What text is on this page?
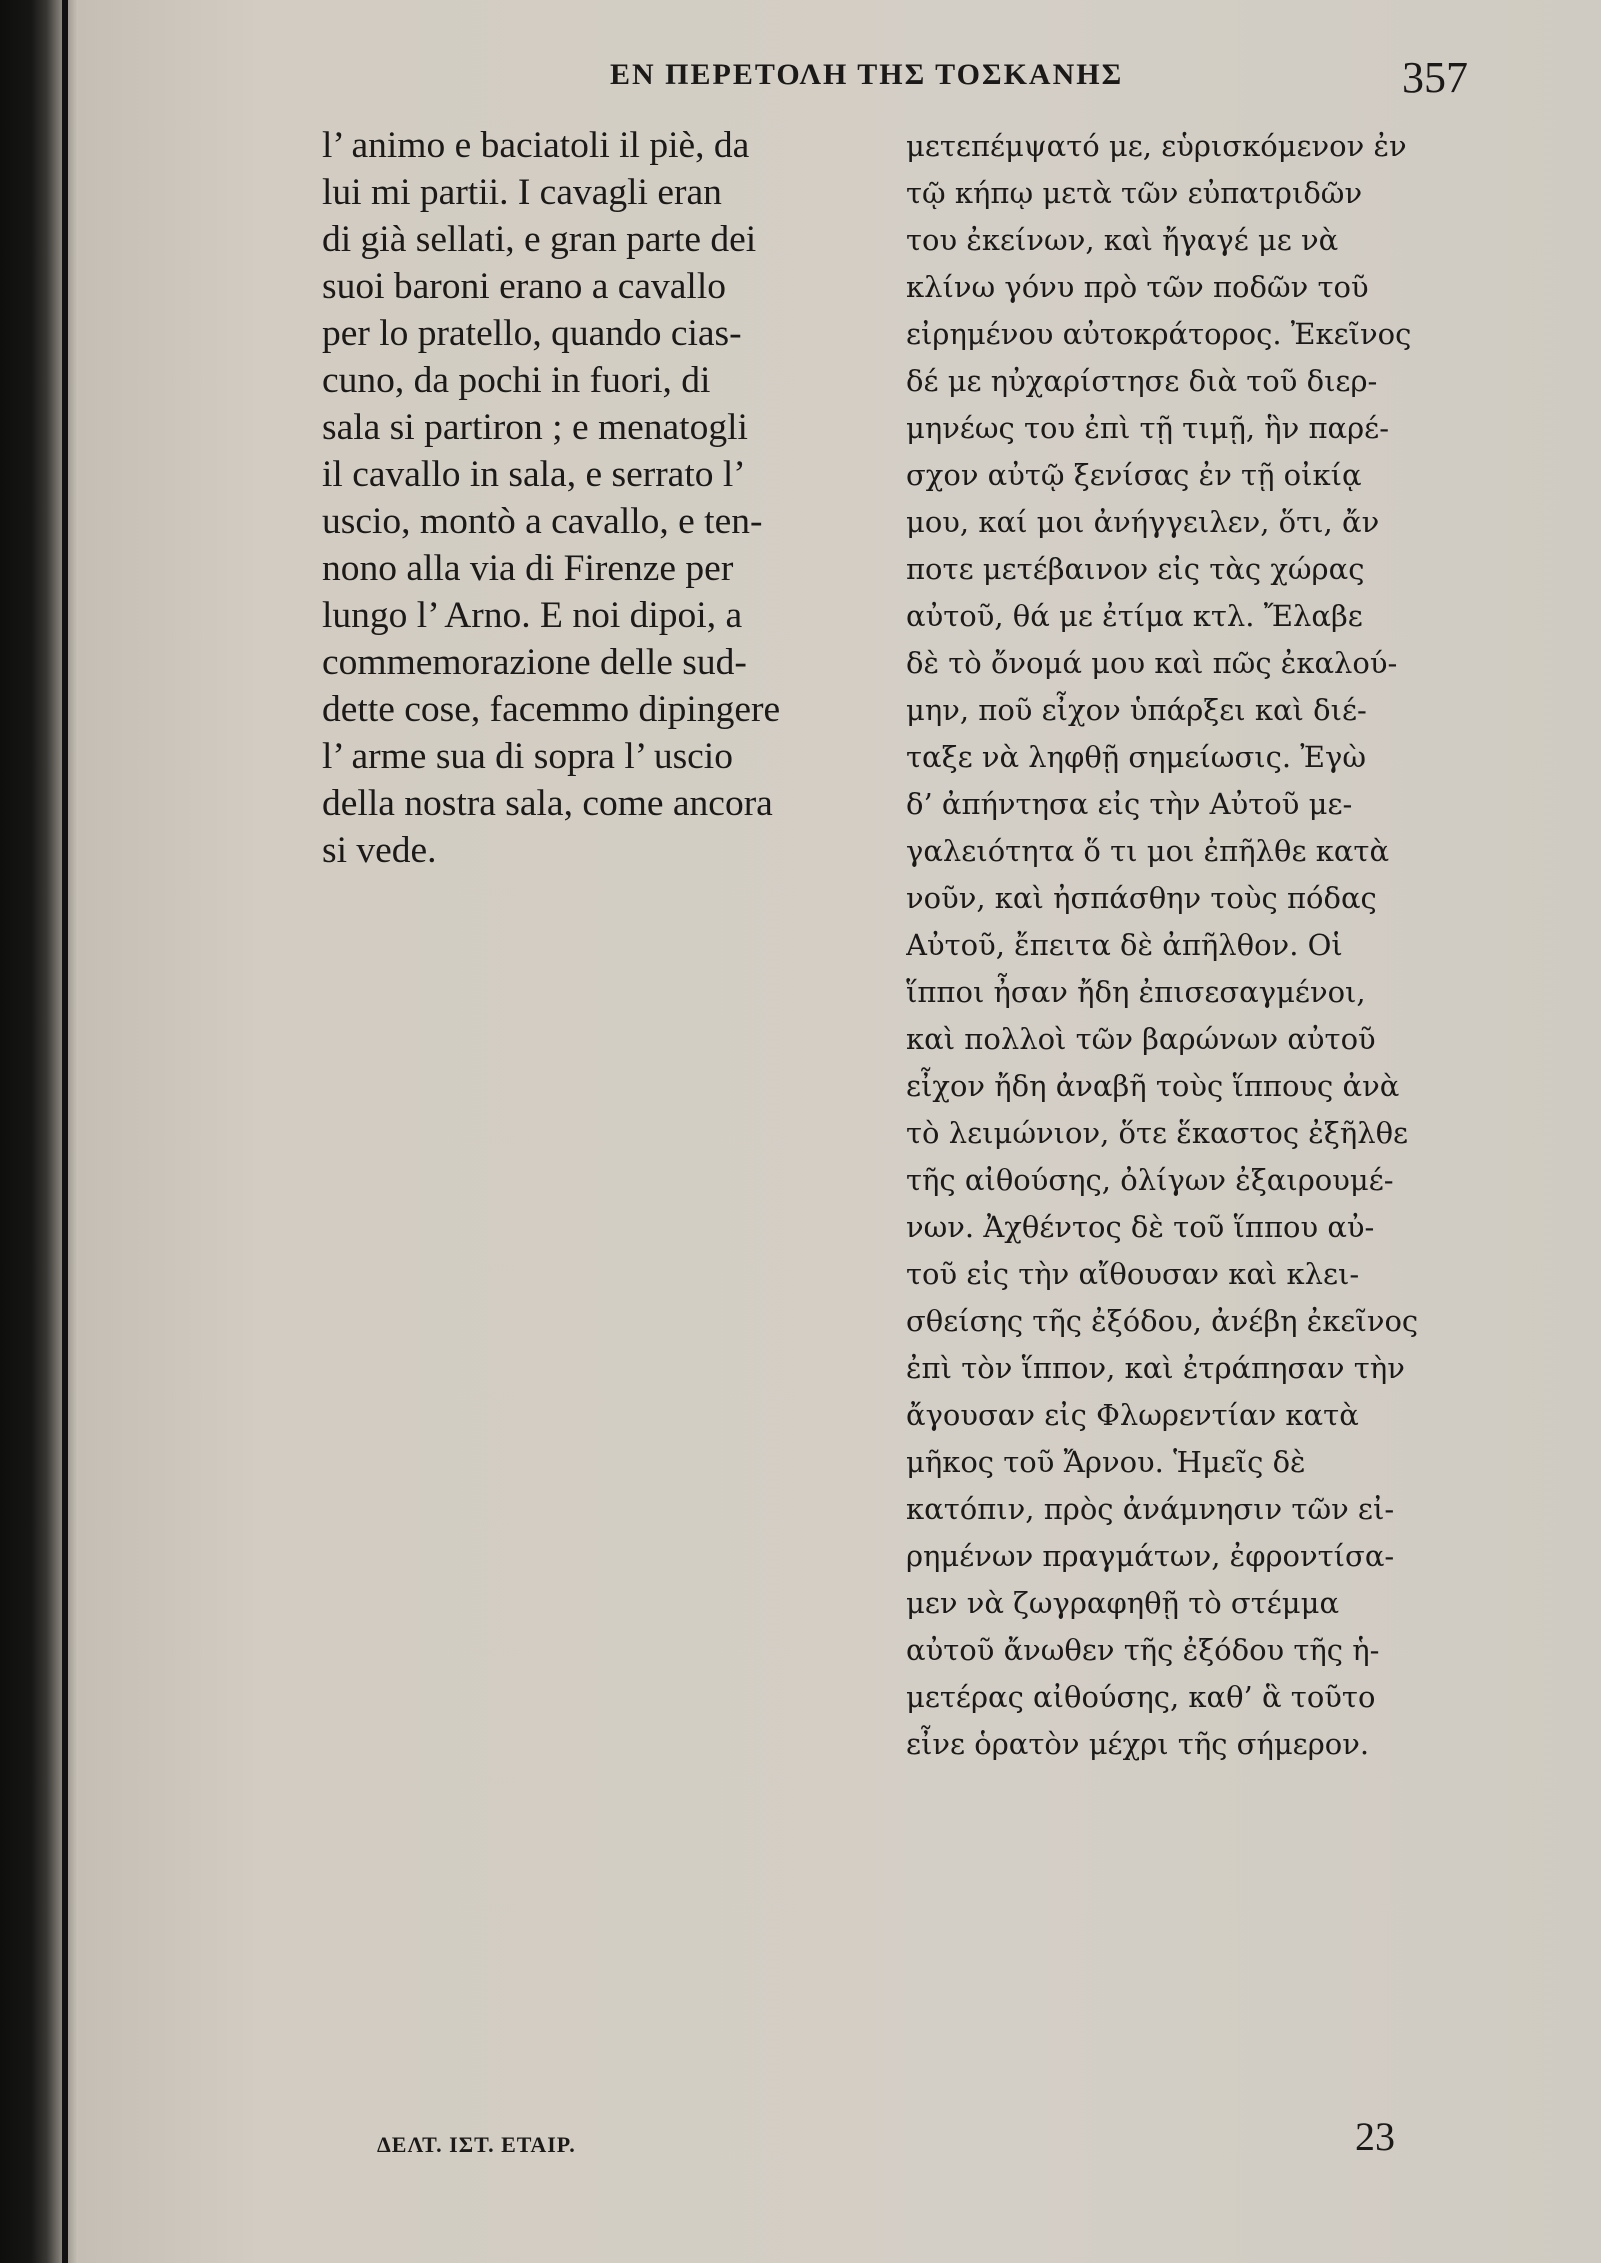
ΕΝ ΠΕΡΕΤΟΛΗ ΤΗΣ ΤΟΣΚΑΝΗΣ	357
l’ animo e baciatoli il piè, da
lui mi partii. I cavagli eran
di già sellati, e gran parte dei
suoi baroni erano a cavallo
per lo pratello, quando cias-
cuno, da pochi in fuori, di
sala si partiron ; e menatogli
il cavallo in sala, e serrato l’
uscio, montò a cavallo, e ten-
nono alla via di Firenze per
lungo l’ Arno. E noi dipoi, a
commemorazione delle sud-
dette cose, facemmo dipingere
l’ arme sua di sopra l’ uscio
della nostra sala, come ancora
si vede.
μετεπέμψατό με, εὑρισκόμενον ἐν
τῷ κήπῳ μετὰ τῶν εὐπατριδῶν
του ἐκείνων, καὶ ἤγαγέ με νὰ
κλίνω γόνυ πρὸ τῶν ποδῶν τοῦ
εἰρημένου αὐτοκράτορος. Ἐκεῖνος
δέ με ηὐχαρίστησε διὰ τοῦ διερ-
μηνέως του ἐπὶ τῇ τιμῇ, ἣν παρέ-
σχον αὐτῷ ξενίσας ἐν τῇ οἰκίᾳ
μου, καί μοι ἀνήγγειλεν, ὅτι, ἄν
ποτε μετέβαινον εἰς τὰς χώρας
αὐτοῦ, θά με ἐτίμα κτλ. Ἔλαβε
δὲ τὸ ὄνομά μου καὶ πῶς ἐκαλού-
μην, ποῦ εἶχον ὑπάρξει καὶ διέ-
ταξε νὰ ληφθῇ σημείωσις. Ἐγὼ
δ’ ἀπήντησα εἰς τὴν Αὐτοῦ με-
γαλειότητα ὅ τι μοι ἐπῆλθε κατὰ
νοῦν, καὶ ἠσπάσθην τοὺς πόδας
Αὐτοῦ, ἔπειτα δὲ ἀπῆλθον. Οἱ
ἵπποι ἦσαν ἤδη ἐπισεσαγμένοι,
καὶ πολλοὶ τῶν βαρώνων αὐτοῦ
εἶχον ἤδη ἀναβῆ τοὺς ἵππους ἀνὰ
τὸ λειμώνιον, ὅτε ἕκαστος ἐξῆλθε
τῆς αἰθούσης, ὀλίγων ἐξαιρουμέ-
νων. Ἀχθέντος δὲ τοῦ ἵππου αὐ-
τοῦ εἰς τὴν αἴθουσαν καὶ κλει-
σθείσης τῆς ἐξόδου, ἀνέβη ἐκεῖνος
ἐπὶ τὸν ἵππον, καὶ ἐτράπησαν τὴν
ἄγουσαν εἰς Φλωρεντίαν κατὰ
μῆκος τοῦ Ἄρνου. Ἡμεῖς δὲ
κατόπιν, πρὸς ἀνάμνησιν τῶν εἰ-
ρημένων πραγμάτων, ἐφροντίσα-
μεν νὰ ζωγραφηθῇ τὸ στέμμα
αὐτοῦ ἄνωθεν τῆς ἐξόδου τῆς ἡ-
μετέρας αἰθούσης, καθ’ ἃ τοῦτο
εἶνε ὁρατὸν μέχρι τῆς σήμερον.
ΔΕΛΤ. ΙΣΤ. ΕΤΑΙΡ.	23
